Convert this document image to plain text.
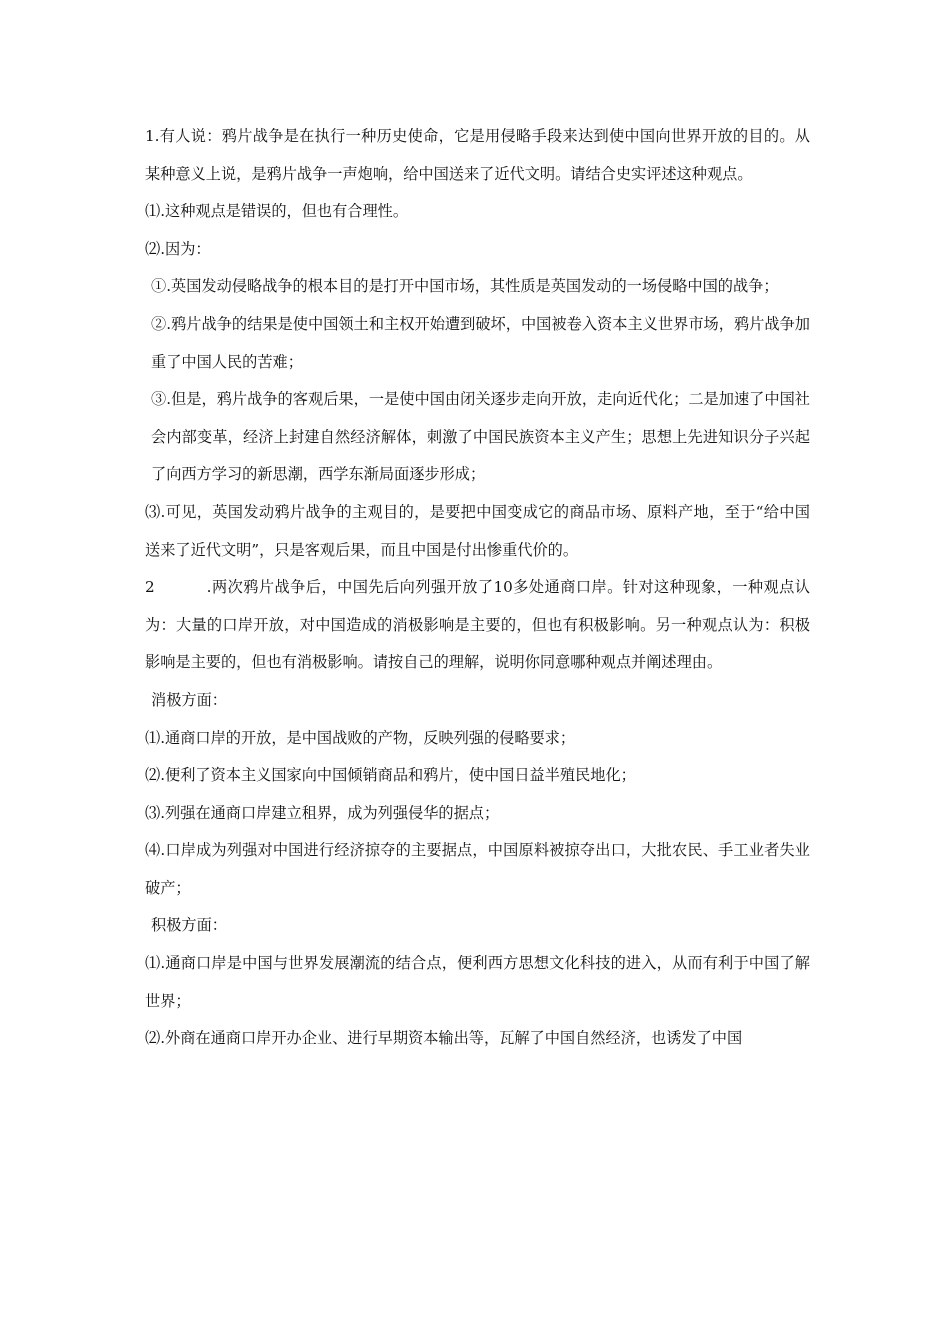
1.有人说：鸦片战争是在执行一种历史使命，它是用侵略手段来达到使中国向世界开放的目的。从某种意义上说，是鸦片战争一声炮响，给中国送来了近代文明。请结合史实评述这种观点。

⑴.这种观点是错误的，但也有合理性。

⑵.因为：

①.英国发动侵略战争的根本目的是打开中国市场，其性质是英国发动的一场侵略中国的战争；

②.鸦片战争的结果是使中国领土和主权开始遭到破坏，中国被卷入资本主义世界市场，鸦片战争加重了中国人民的苦难；

③.但是，鸦片战争的客观后果，一是使中国由闭关逐步走向开放，走向近代化；二是加速了中国社会内部变革，经济上封建自然经济解体，刺激了中国民族资本主义产生；思想上先进知识分子兴起了向西方学习的新思潮，西学东渐局面逐步形成；

⑶.可见，英国发动鸦片战争的主观目的，是要把中国变成它的商品市场、原料产地，至于“给中国送来了近代文明”，只是客观后果，而且中国是付出惨重代价的。

2	.两次鸦片战争后，中国先后向列强开放了10多处通商口岸。针对这种现象，一种观点认为：大量的口岸开放，对中国造成的消极影响是主要的，但也有积极影响。另一种观点认为：积极影响是主要的，但也有消极影响。请按自己的理解，说明你同意哪种观点并阐述理由。

消极方面：

⑴.通商口岸的开放，是中国战败的产物，反映列强的侵略要求；

⑵.便利了资本主义国家向中国倾销商品和鸦片，使中国日益半殖民地化；

⑶.列强在通商口岸建立租界，成为列强侵华的据点；

⑷.口岸成为列强对中国进行经济掠夺的主要据点，中国原料被掠夺出口，大批农民、手工业者失业破产；

积极方面：

⑴.通商口岸是中国与世界发展潮流的结合点，便利西方思想文化科技的进入，从而有利于中国了解世界；

⑵.外商在通商口岸开办企业、进行早期资本输出等，瓦解了中国自然经济，也诱发了中国
